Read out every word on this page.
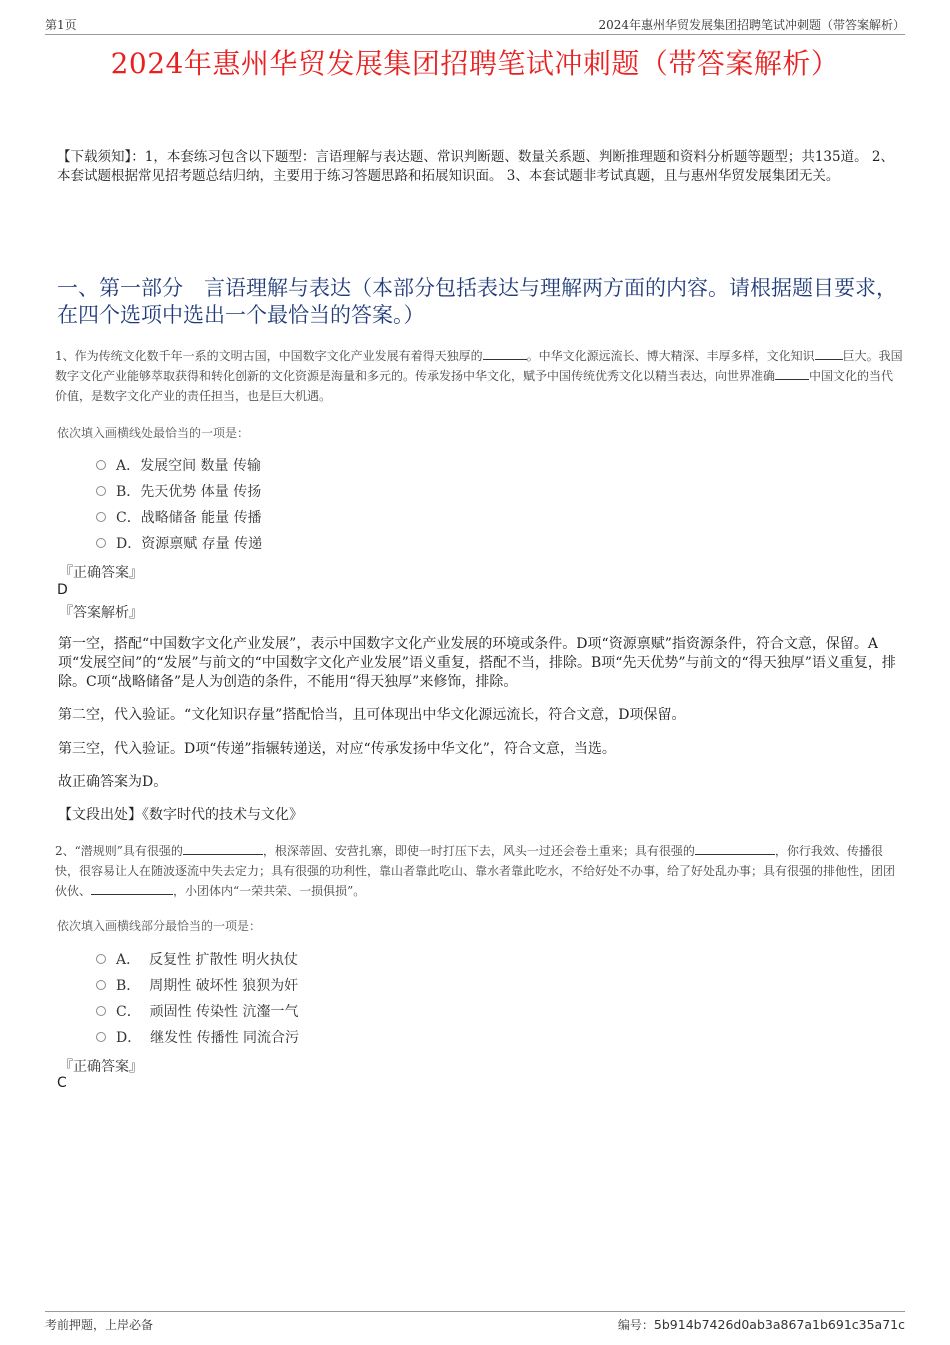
第1页	2024年惠州华贸发展集团招聘笔试冲刺题（带答案解析）
2024年惠州华贸发展集团招聘笔试冲刺题（带答案解析）
【下载须知】：1，本套练习包含以下题型：言语理解与表达题、常识判断题、数量关系题、判断推理题和资料分析题等题型；共135道。 2、本套试题根据常见招考题总结归纳，主要用于练习答题思路和拓展知识面。 3、本套试题非考试真题，且与惠州华贸发展集团无关。
一、第一部分　言语理解与表达（本部分包括表达与理解两方面的内容。请根据题目要求，在四个选项中选出一个最恰当的答案。）
1、作为传统文化数千年一系的文明古国，中国数字文化产业发展有着得天独厚的	。中华文化源远流长、博大精深、丰厚多样，文化知识 巨大。我国数字文化产业能够萃取获得和转化创新的文化资源是海量和多元的。传承发扬中华文化，赋予中国传统优秀文化以精当表达，向世界准确	中国文化的当代价值，是数字文化产业的责任担当，也是巨大机遇。
依次填入画横线处最恰当的一项是：
A．发展空间 数量 传输
B．先天优势 体量 传扬
C．战略储备 能量 传播
D．资源禀赋 存量 传递
『正确答案』
D
『答案解析』
第一空，搭配“中国数字文化产业发展”，表示中国数字文化产业发展的环境或条件。D项“资源禀赋”指资源条件，符合文意，保留。A项“发展空间”的“发展”与前文的“中国数字文化产业发展”语义重复，搭配不当，排除。B项“先天优势”与前文的“得天独厚”语义重复，排除。C项“战略储备”是人为创造的条件，不能用“得天独厚”来修饰，排除。
第二空，代入验证。“文化知识存量”搭配恰当，且可体现出中华文化源远流长，符合文意，D项保留。
第三空，代入验证。D项“传递”指辗转递送，对应“传承发扬中华文化”，符合文意，当选。
故正确答案为D。
【文段出处】《数字时代的技术与文化》
2、“潜规则”具有很强的	，根深蒂固、安营扎寨，即使一时打压下去，风头一过还会卷土重来；具有很强的	，你行我效、传播很快，很容易让人在随波逐流中失去定力；具有很强的功利性，靠山者靠此吃山、靠水者靠此吃水，不给好处不办事，给了好处乱办事；具有很强的排他性，团团伙伙、	，小团体内“一荣共荣、一损俱损”。
依次填入画横线部分最恰当的一项是：
A．  反复性 扩散性 明火执仗
B．  周期性 破坏性 狼狈为奸
C．  顽固性 传染性 沆瀣一气
D．  继发性 传播性 同流合污
『正确答案』
C
考前押题，上岸必备	编号：5b914b7426d0ab3a867a1b691c35a71c
